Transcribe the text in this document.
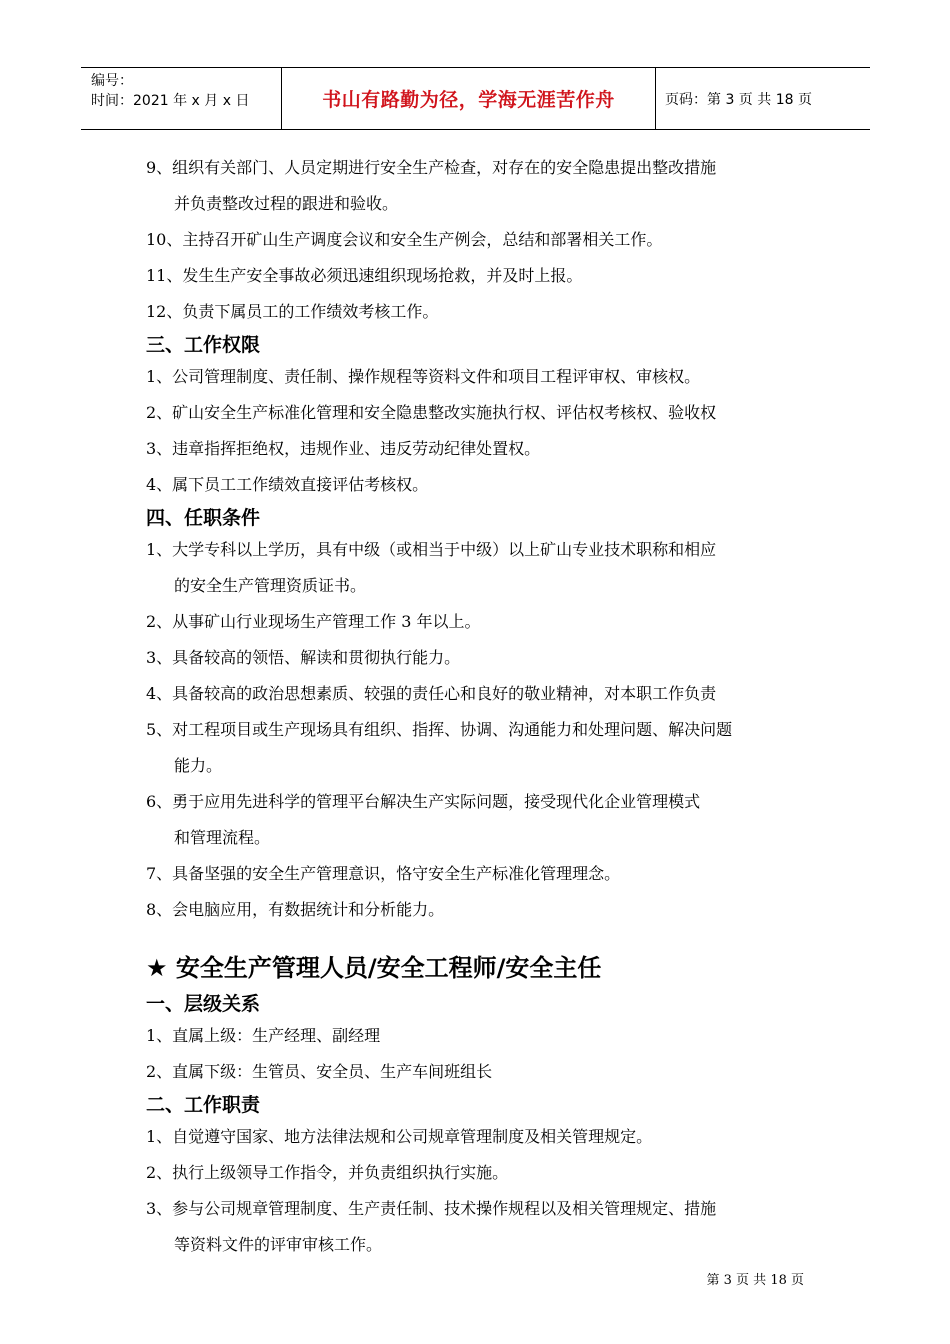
编号：
时间：2021 年 x 月 x 日	书山有路勤为径，学海无涯苦作舟	页码：第 3 页 共 18 页
9、组织有关部门、人员定期进行安全生产检查，对存在的安全隐患提出整改措施
并负责整改过程的跟进和验收。
10、主持召开矿山生产调度会议和安全生产例会，总结和部署相关工作。
11、发生生产安全事故必须迅速组织现场抢救，并及时上报。
12、负责下属员工的工作绩效考核工作。
三、工作权限
1、公司管理制度、责任制、操作规程等资料文件和项目工程评审权、审核权。
2、矿山安全生产标准化管理和安全隐患整改实施执行权、评估权考核权、验收权
3、违章指挥拒绝权，违规作业、违反劳动纪律处置权。
4、属下员工工作绩效直接评估考核权。
四、任职条件
1、大学专科以上学历，具有中级（或相当于中级）以上矿山专业技术职称和相应
的安全生产管理资质证书。
2、从事矿山行业现场生产管理工作 3 年以上。
3、具备较高的领悟、解读和贯彻执行能力。
4、具备较高的政治思想素质、较强的责任心和良好的敬业精神，对本职工作负责
5、对工程项目或生产现场具有组织、指挥、协调、沟通能力和处理问题、解决问题
能力。
6、勇于应用先进科学的管理平台解决生产实际问题，接受现代化企业管理模式
和管理流程。
7、具备坚强的安全生产管理意识，恪守安全生产标准化管理理念。
8、会电脑应用，有数据统计和分析能力。
★ 安全生产管理人员/安全工程师/安全主任
一、层级关系
1、直属上级：生产经理、副经理
2、直属下级：生管员、安全员、生产车间班组长
二、工作职责
1、自觉遵守国家、地方法律法规和公司规章管理制度及相关管理规定。
2、执行上级领导工作指令，并负责组织执行实施。
3、参与公司规章管理制度、生产责任制、技术操作规程以及相关管理规定、措施
等资料文件的评审审核工作。
第 3 页 共 18 页
